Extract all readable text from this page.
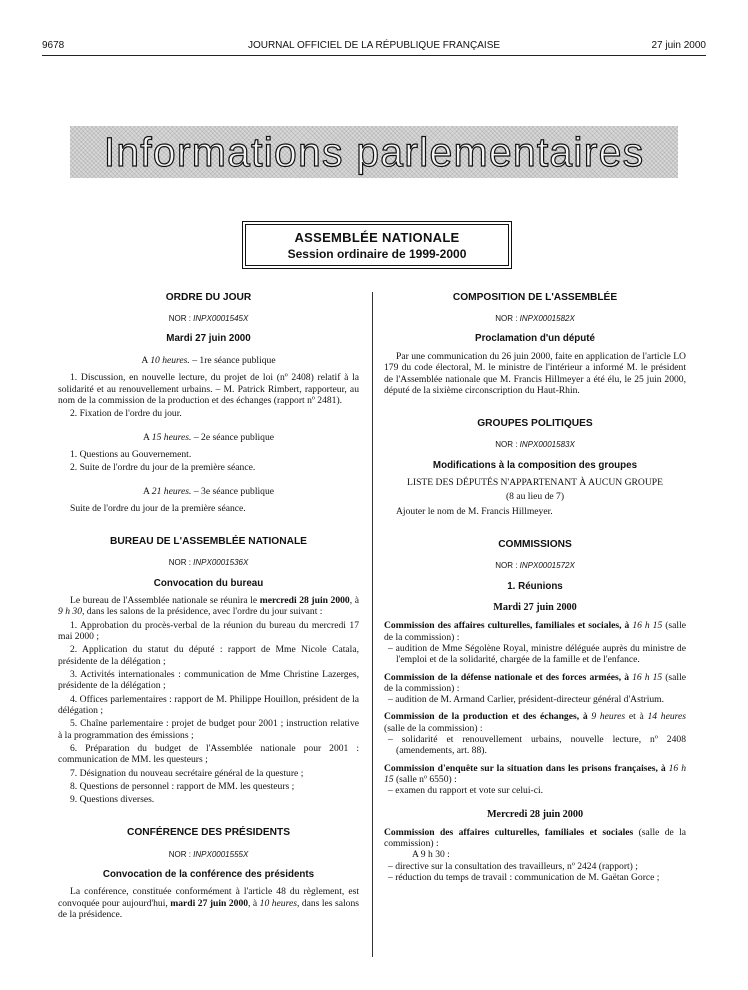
9678	JOURNAL OFFICIEL DE LA RÉPUBLIQUE FRANÇAISE	27 juin 2000
Informations parlementaires
ASSEMBLÉE NATIONALE
Session ordinaire de 1999-2000
ORDRE DU JOUR
NOR : INPX0001545X
Mardi 27 juin 2000
A 10 heures. – 1re séance publique
1. Discussion, en nouvelle lecture, du projet de loi (nº 2408) relatif à la solidarité et au renouvellement urbains. – M. Patrick Rimbert, rapporteur, au nom de la commission de la production et des échanges (rapport nº 2481).
2. Fixation de l'ordre du jour.
A 15 heures. – 2e séance publique
1. Questions au Gouvernement.
2. Suite de l'ordre du jour de la première séance.
A 21 heures. – 3e séance publique
Suite de l'ordre du jour de la première séance.
BUREAU DE L'ASSEMBLÉE NATIONALE
NOR : INPX0001536X
Convocation du bureau
Le bureau de l'Assemblée nationale se réunira le mercredi 28 juin 2000, à 9 h 30, dans les salons de la présidence, avec l'ordre du jour suivant :
1. Approbation du procès-verbal de la réunion du bureau du mercredi 17 mai 2000 ;
2. Application du statut du député : rapport de Mme Nicole Catala, présidente de la délégation ;
3. Activités internationales : communication de Mme Christine Lazerges, présidente de la délégation ;
4. Offices parlementaires : rapport de M. Philippe Houillon, président de la délégation ;
5. Chaîne parlementaire : projet de budget pour 2001 ; instruction relative à la programmation des émissions ;
6. Préparation du budget de l'Assemblée nationale pour 2001 : communication de MM. les questeurs ;
7. Désignation du nouveau secrétaire général de la questure ;
8. Questions de personnel : rapport de MM. les questeurs ;
9. Questions diverses.
CONFÉRENCE DES PRÉSIDENTS
NOR : INPX0001555X
Convocation de la conférence des présidents
La conférence, constituée conformément à l'article 48 du règlement, est convoquée pour aujourd'hui, mardi 27 juin 2000, à 10 heures, dans les salons de la présidence.
COMPOSITION DE L'ASSEMBLÉE
NOR : INPX0001582X
Proclamation d'un député
Par une communication du 26 juin 2000, faite en application de l'article LO 179 du code électoral, M. le ministre de l'intérieur a informé M. le président de l'Assemblée nationale que M. Francis Hillmeyer a été élu, le 25 juin 2000, député de la sixième circonscription du Haut-Rhin.
GROUPES POLITIQUES
NOR : INPX0001583X
Modifications à la composition des groupes
LISTE DES DÉPUTÉS N'APPARTENANT À AUCUN GROUPE
(8 au lieu de 7)
Ajouter le nom de M. Francis Hillmeyer.
COMMISSIONS
NOR : INPX0001572X
1. Réunions
Mardi 27 juin 2000
Commission des affaires culturelles, familiales et sociales, à 16 h 15 (salle de la commission) :
– audition de Mme Ségolène Royal, ministre déléguée auprès du ministre de l'emploi et de la solidarité, chargée de la famille et de l'enfance.
Commission de la défense nationale et des forces armées, à 16 h 15 (salle de la commission) :
– audition de M. Armand Carlier, président-directeur général d'Astrium.
Commission de la production et des échanges, à 9 heures et à 14 heures (salle de la commission) :
– solidarité et renouvellement urbains, nouvelle lecture, nº 2408 (amendements, art. 88).
Commission d'enquête sur la situation dans les prisons françaises, à 16 h 15 (salle nº 6550) :
– examen du rapport et vote sur celui-ci.
Mercredi 28 juin 2000
Commission des affaires culturelles, familiales et sociales (salle de la commission) :
A 9 h 30 :
– directive sur la consultation des travailleurs, nº 2424 (rapport) ;
– réduction du temps de travail : communication de M. Gaëtan Gorce ;
